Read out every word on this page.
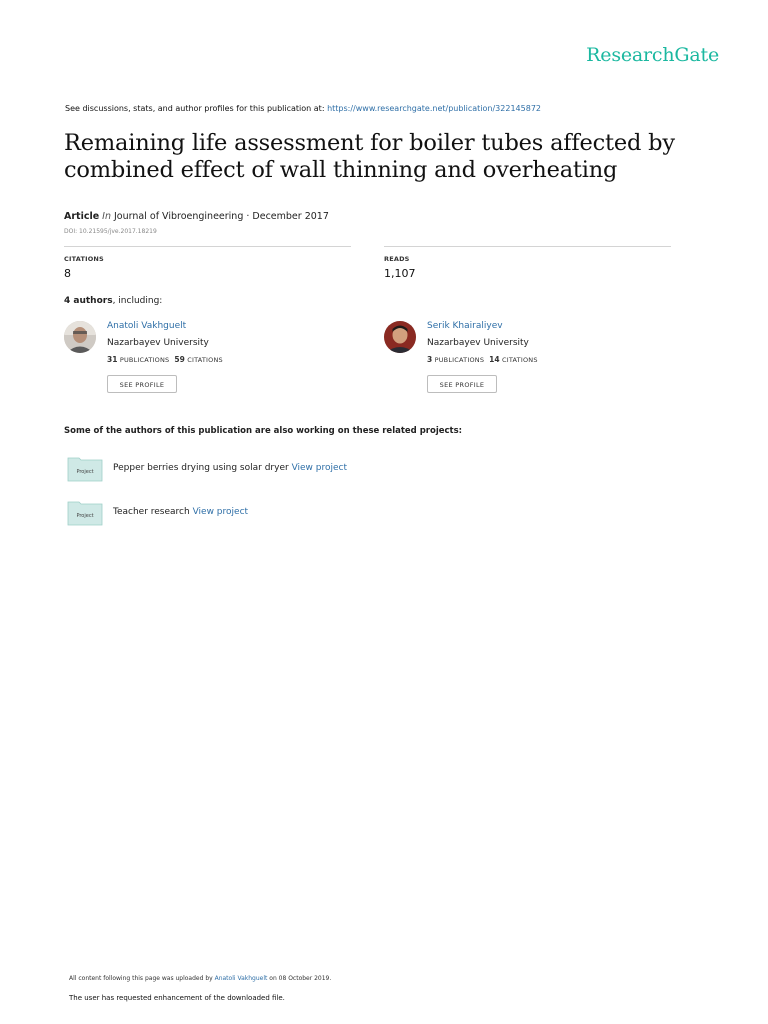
ResearchGate
See discussions, stats, and author profiles for this publication at: https://www.researchgate.net/publication/322145872
Remaining life assessment for boiler tubes affected by
combined effect of wall thinning and overheating
Article In Journal of Vibroengineering · December 2017
DOI: 10.21595/jve.2017.18219
CITATIONS
8
READS
1,107
4 authors, including:
Anatoli Vakhguelt
Nazarbayev University
31 PUBLICATIONS 59 CITATIONS
SEE PROFILE
Serik Khairaliyev
Nazarbayev University
3 PUBLICATIONS 14 CITATIONS
SEE PROFILE
Some of the authors of this publication are also working on these related projects:
Project Pepper berries drying using solar dryer View project
Project Teacher research View project
All content following this page was uploaded by Anatoli Vakhguelt on 08 October 2019.
The user has requested enhancement of the downloaded file.
